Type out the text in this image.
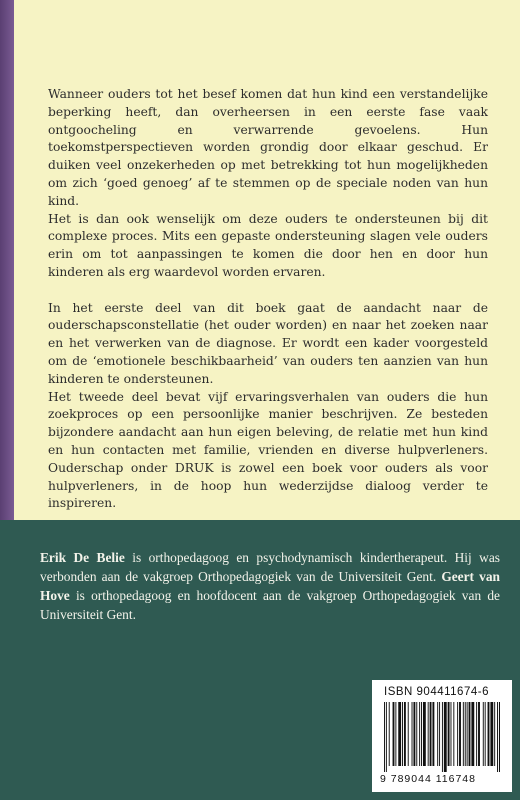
Wanneer ouders tot het besef komen dat hun kind een verstandelijke beperking heeft, dan overheersen in een eerste fase vaak ontgoocheling en verwarrende gevoelens. Hun toekomstperspectieven worden grondig door elkaar geschud. Er duiken veel onzekerheden op met betrekking tot hun mogelijkheden om zich ‘goed genoeg’ af te stemmen op de speciale noden van hun kind.

Het is dan ook wenselijk om deze ouders te ondersteunen bij dit complexe proces. Mits een gepaste ondersteuning slagen vele ouders erin om tot aanpassingen te komen die door hen en door hun kinderen als erg waardevol worden ervaren.

In het eerste deel van dit boek gaat de aandacht naar de ouderschapsconstellatie (het ouder worden) en naar het zoeken naar en het verwerken van de diagnose. Er wordt een kader voorgesteld om de ‘emotionele beschikbaarheid’ van ouders ten aanzien van hun kinderen te ondersteunen.

Het tweede deel bevat vijf ervaringsverhalen van ouders die hun zoekproces op een persoonlijke manier beschrijven. Ze besteden bijzondere aandacht aan hun eigen beleving, de relatie met hun kind en hun contacten met familie, vrienden en diverse hulpverleners. Ouderschap onder DRUK is zowel een boek voor ouders als voor hulpverleners, in de hoop hun wederzijdse dialoog verder te inspireren.

Erik De Belie is orthopedagoog en psychodynamisch kindertherapeut. Hij was verbonden aan de vakgroep Orthopedagogiek van de Universiteit Gent. Geert van Hove is orthopedagoog en hoofdocent aan de vakgroep Orthopedagogiek van de Universiteit Gent.
ISBN 904411674-6
9 789044 116748
